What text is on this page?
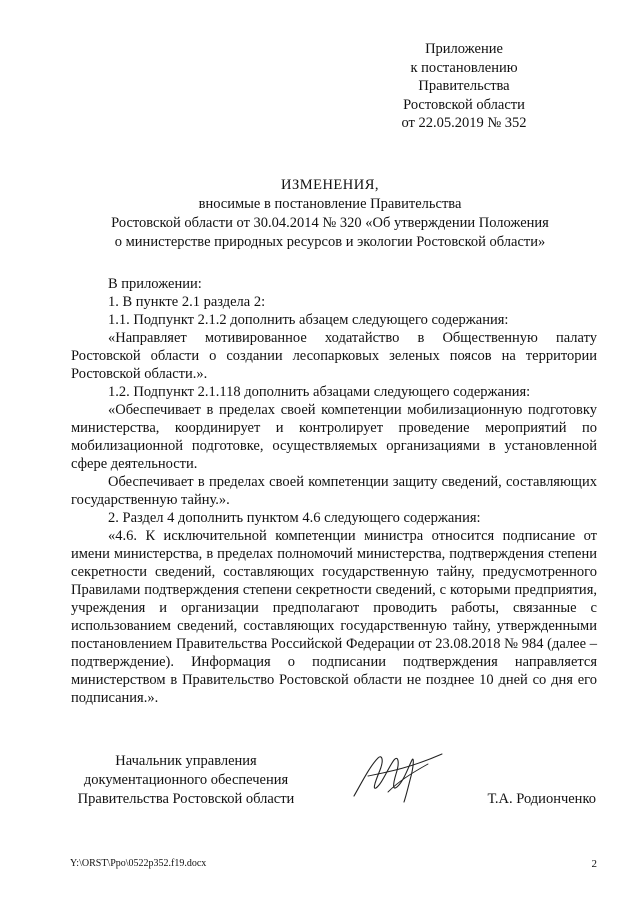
Приложение
к постановлению
Правительства
Ростовской области
от 22.05.2019 № 352
ИЗМЕНЕНИЯ,
вносимые в постановление Правительства
Ростовской области от 30.04.2014 № 320 «Об утверждении Положения
о министерстве природных ресурсов и экологии Ростовской области»

В приложении:

1. В пункте 2.1 раздела 2:

1.1. Подпункт 2.1.2 дополнить абзацем следующего содержания:

«Направляет мотивированное ходатайство в Общественную палату Ростовской области о создании лесопарковых зеленых поясов на территории Ростовской области.».

1.2. Подпункт 2.1.118 дополнить абзацами следующего содержания:

«Обеспечивает в пределах своей компетенции мобилизационную подготовку министерства, координирует и контролирует проведение мероприятий по мобилизационной подготовке, осуществляемых организациями в установленной сфере деятельности.

Обеспечивает в пределах своей компетенции защиту сведений, составляющих государственную тайну.».

2. Раздел 4 дополнить пунктом 4.6 следующего содержания:

«4.6. К исключительной компетенции министра относится подписание от имени министерства, в пределах полномочий министерства, подтверждения степени секретности сведений, составляющих государственную тайну, предусмотренного Правилами подтверждения степени секретности сведений, с которыми предприятия, учреждения и организации предполагают проводить работы, связанные с использованием сведений, составляющих государственную тайну, утвержденными постановлением Правительства Российской Федерации от 23.08.2018 № 984 (далее – подтверждение). Информация о подписании подтверждения направляется министерством в Правительство Ростовской области не позднее 10 дней со дня его подписания.».

Начальник управления
документационного обеспечения
Правительства Ростовской области	Т.А. Родионченко
Y:\ORST\Ppo\0522p352.f19.docx	2
